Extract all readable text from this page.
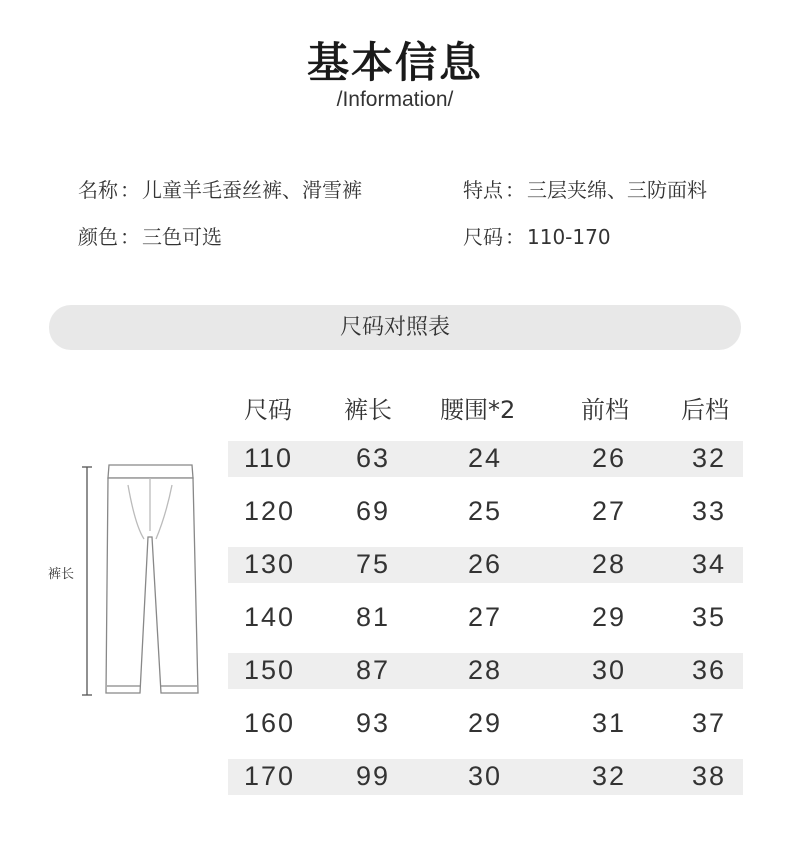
基本信息
/Information/
名称 ： 儿童羊毛蚕丝裤、滑雪裤	特点 ： 三层夹绵、三防面料
颜色 ： 三色可选	尺码 ： 110-170
尺码对照表
裤长
尺码 裤长 腰围*2	前档 后档
110 63	24	26 32
120 69	25	27 33
130 75	26	28 34
140 81	27	29 35
150 87	28	30 36
160 93	29	31 37
170 99	30	32 38
